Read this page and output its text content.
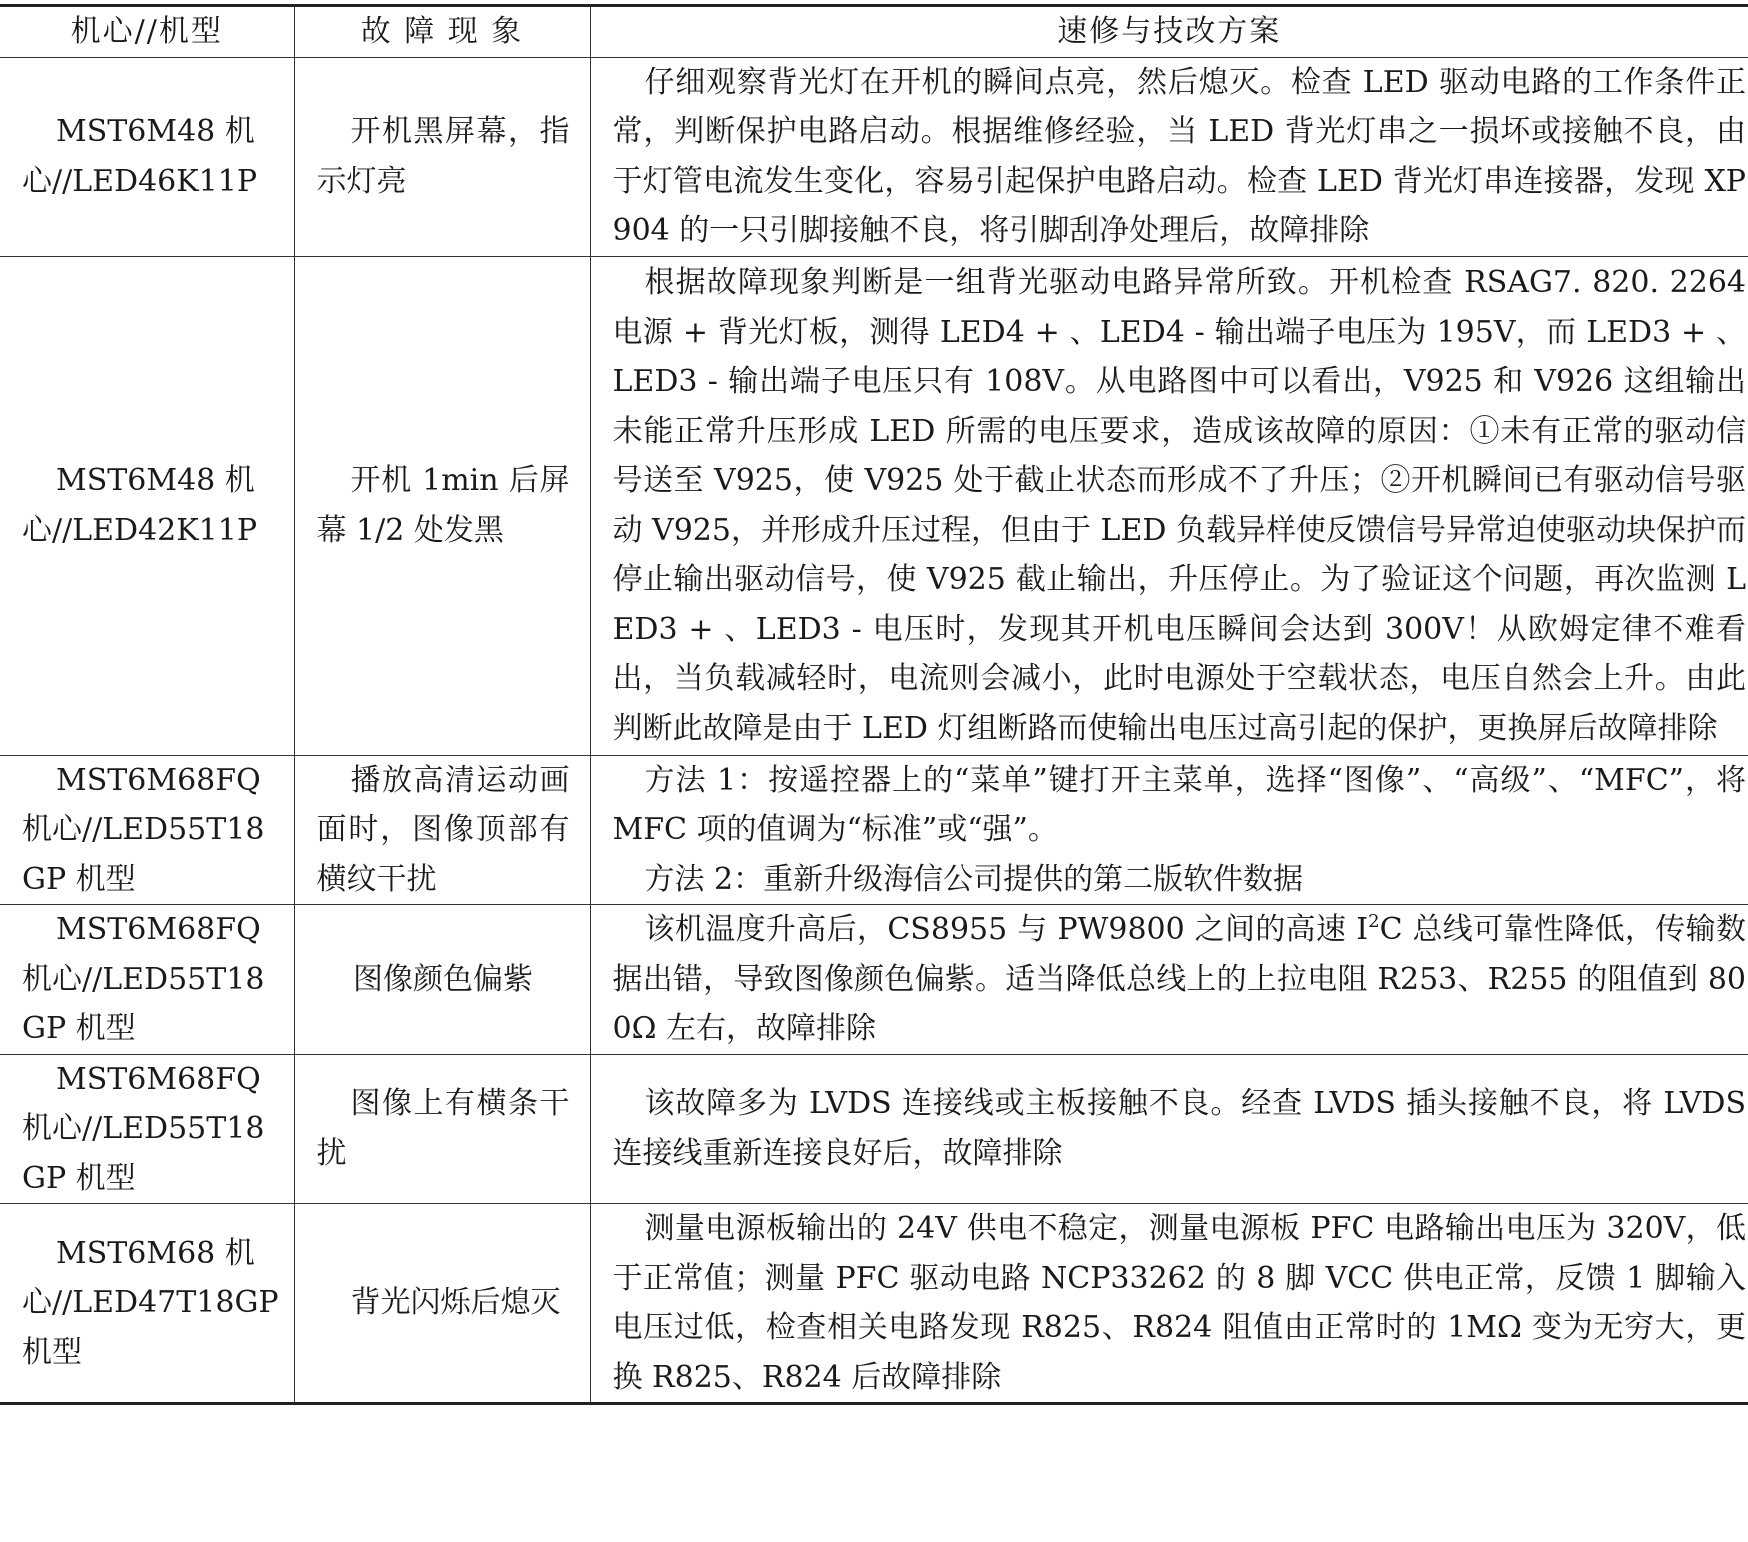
机心//机型	故 障 现 象	速修与技改方案

MST6M48 机心//LED46K11P	开机黑屏幕，指示灯亮	仔细观察背光灯在开机的瞬间点亮，然后熄灭。检查 LED 驱动电路的工作条件正常，判断保护电路启动。根据维修经验，当 LED 背光灯串之一损坏或接触不良，由于灯管电流发生变化，容易引起保护电路启动。检查 LED 背光灯串连接器，发现 XP904 的一只引脚接触不良，将引脚刮净处理后，故障排除

MST6M48 机心//LED42K11P	开机 1min 后屏幕 1/2 处发黑	根据故障现象判断是一组背光驱动电路异常所致。开机检查 RSAG7. 820. 2264 电源 + 背光灯板，测得 LED4 + 、LED4 - 输出端子电压为 195V，而 LED3 + 、LED3 - 输出端子电压只有 108V。从电路图中可以看出，V925 和 V926 这组输出未能正常升压形成 LED 所需的电压要求，造成该故障的原因：①未有正常的驱动信号送至 V925，使 V925 处于截止状态而形成不了升压；②开机瞬间已有驱动信号驱动 V925，并形成升压过程，但由于 LED 负载异样使反馈信号异常迫使驱动块保护而停止输出驱动信号，使 V925 截止输出，升压停止。为了验证这个问题，再次监测 LED3 + 、LED3 - 电压时，发现其开机电压瞬间会达到 300V！从欧姆定律不难看出，当负载减轻时，电流则会减小，此时电源处于空载状态，电压自然会上升。由此判断此故障是由于 LED 灯组断路而使输出电压过高引起的保护，更换屏后故障排除

MST6M68FQ 机心//LED55T18GP 机型	播放高清运动画面时，图像顶部有横纹干扰	方法 1：按遥控器上的“菜单”键打开主菜单，选择“图像”、“高级”、“MFC”，将 MFC 项的值调为“标准”或“强”。
方法 2：重新升级海信公司提供的第二版软件数据

MST6M68FQ 机心//LED55T18GP 机型	图像颜色偏紫	该机温度升高后，CS8955 与 PW9800 之间的高速 $I^2C$ 总线可靠性降低，传输数据出错，导致图像颜色偏紫。适当降低总线上的上拉电阻 R253、R255 的阻值到 800Ω 左右，故障排除

MST6M68FQ 机心//LED55T18GP 机型	图像上有横条干扰	该故障多为 LVDS 连接线或主板接触不良。经查 LVDS 插头接触不良，将 LVDS 连接线重新连接良好后，故障排除

MST6M68 机心//LED47T18GP 机型	背光闪烁后熄灭	测量电源板输出的 24V 供电不稳定，测量电源板 PFC 电路输出电压为 320V，低于正常值；测量 PFC 驱动电路 NCP33262 的 8 脚 VCC 供电正常，反馈 1 脚输入电压过低，检查相关电路发现 R825、R824 阻值由正常时的 1MΩ 变为无穷大，更换 R825、R824 后故障排除
